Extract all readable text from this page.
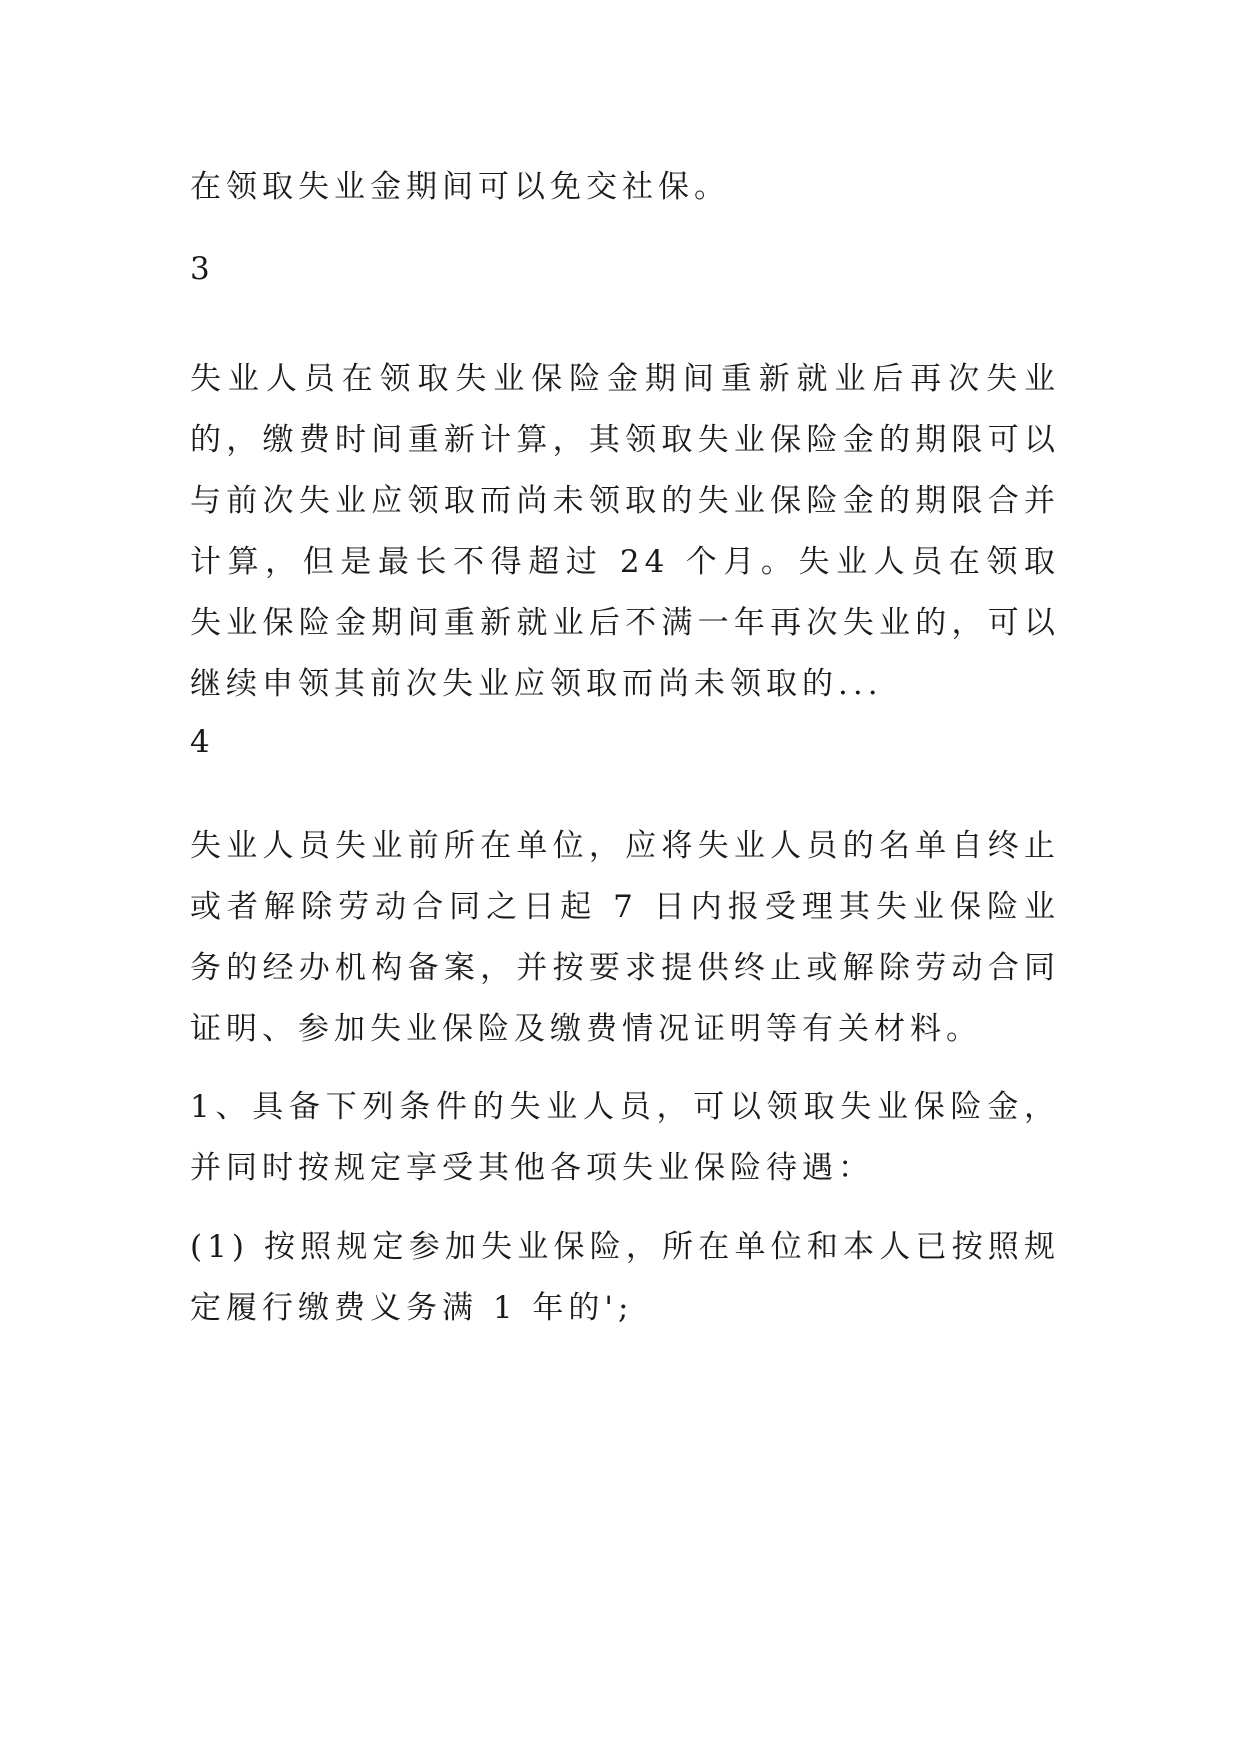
在领取失业金期间可以免交社保。

3

失业人员在领取失业保险金期间重新就业后再次失业的，缴费时间重新计算，其领取失业保险金的期限可以与前次失业应领取而尚未领取的失业保险金的期限合并计算，但是最长不得超过 24 个月。失业人员在领取失业保险金期间重新就业后不满一年再次失业的，可以继续申领其前次失业应领取而尚未领取的...

4

失业人员失业前所在单位，应将失业人员的名单自终止或者解除劳动合同之日起 7 日内报受理其失业保险业务的经办机构备案，并按要求提供终止或解除劳动合同证明、参加失业保险及缴费情况证明等有关材料。

1、具备下列条件的失业人员，可以领取失业保险金，并同时按规定享受其他各项失业保险待遇：

(1) 按照规定参加失业保险，所在单位和本人已按照规定履行缴费义务满 1 年的';
